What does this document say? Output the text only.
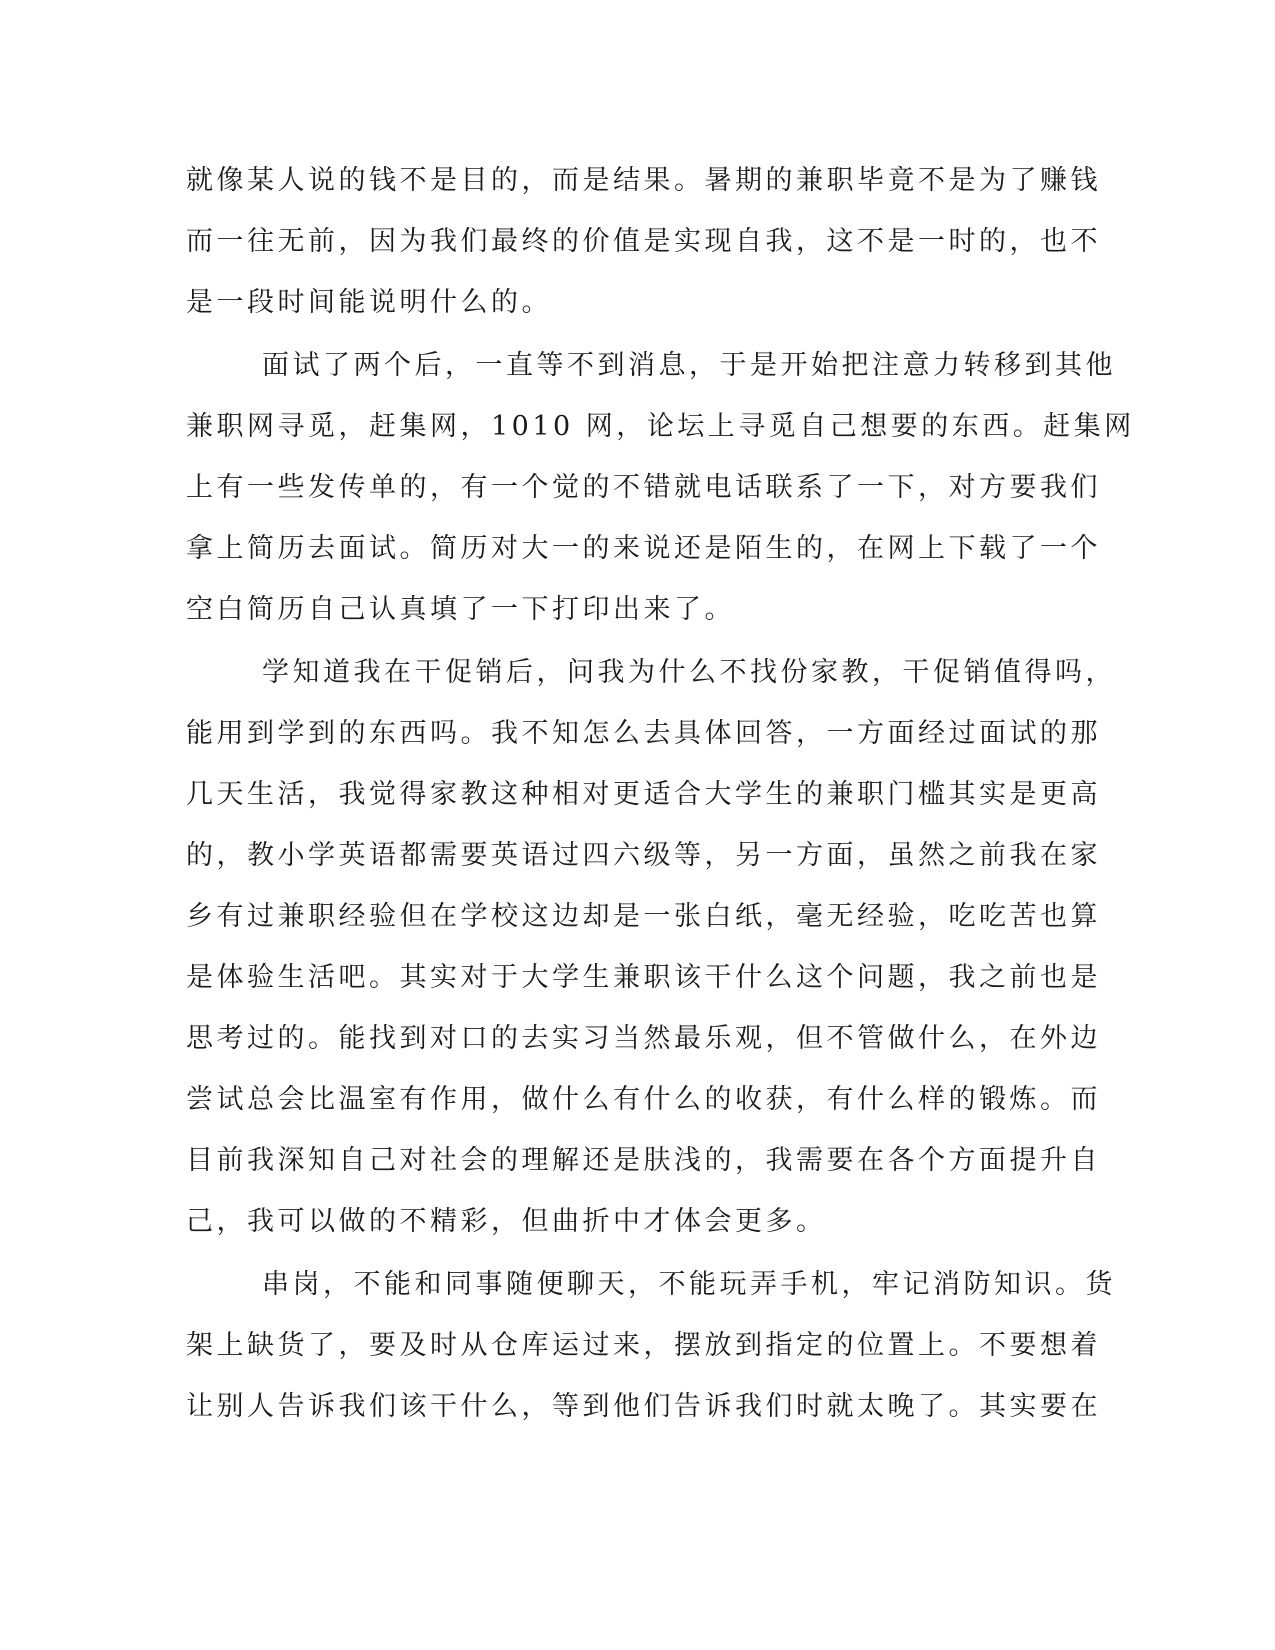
就像某人说的钱不是目的，而是结果。暑期的兼职毕竟不是为了赚钱
而一往无前，因为我们最终的价值是实现自我，这不是一时的，也不
是一段时间能说明什么的。

面试了两个后，一直等不到消息，于是开始把注意力转移到其他
兼职网寻觅，赶集网，1010 网，论坛上寻觅自己想要的东西。赶集网
上有一些发传单的，有一个觉的不错就电话联系了一下，对方要我们
拿上简历去面试。简历对大一的来说还是陌生的，在网上下载了一个
空白简历自己认真填了一下打印出来了。

学知道我在干促销后，问我为什么不找份家教，干促销值得吗，
能用到学到的东西吗。我不知怎么去具体回答，一方面经过面试的那
几天生活，我觉得家教这种相对更适合大学生的兼职门槛其实是更高
的，教小学英语都需要英语过四六级等，另一方面，虽然之前我在家
乡有过兼职经验但在学校这边却是一张白纸，毫无经验，吃吃苦也算
是体验生活吧。其实对于大学生兼职该干什么这个问题，我之前也是
思考过的。能找到对口的去实习当然最乐观，但不管做什么，在外边
尝试总会比温室有作用，做什么有什么的收获，有什么样的锻炼。而
目前我深知自己对社会的理解还是肤浅的，我需要在各个方面提升自
己，我可以做的不精彩，但曲折中才体会更多。

串岗，不能和同事随便聊天，不能玩弄手机，牢记消防知识。货
架上缺货了，要及时从仓库运过来，摆放到指定的位置上。不要想着
让别人告诉我们该干什么，等到他们告诉我们时就太晚了。其实要在
